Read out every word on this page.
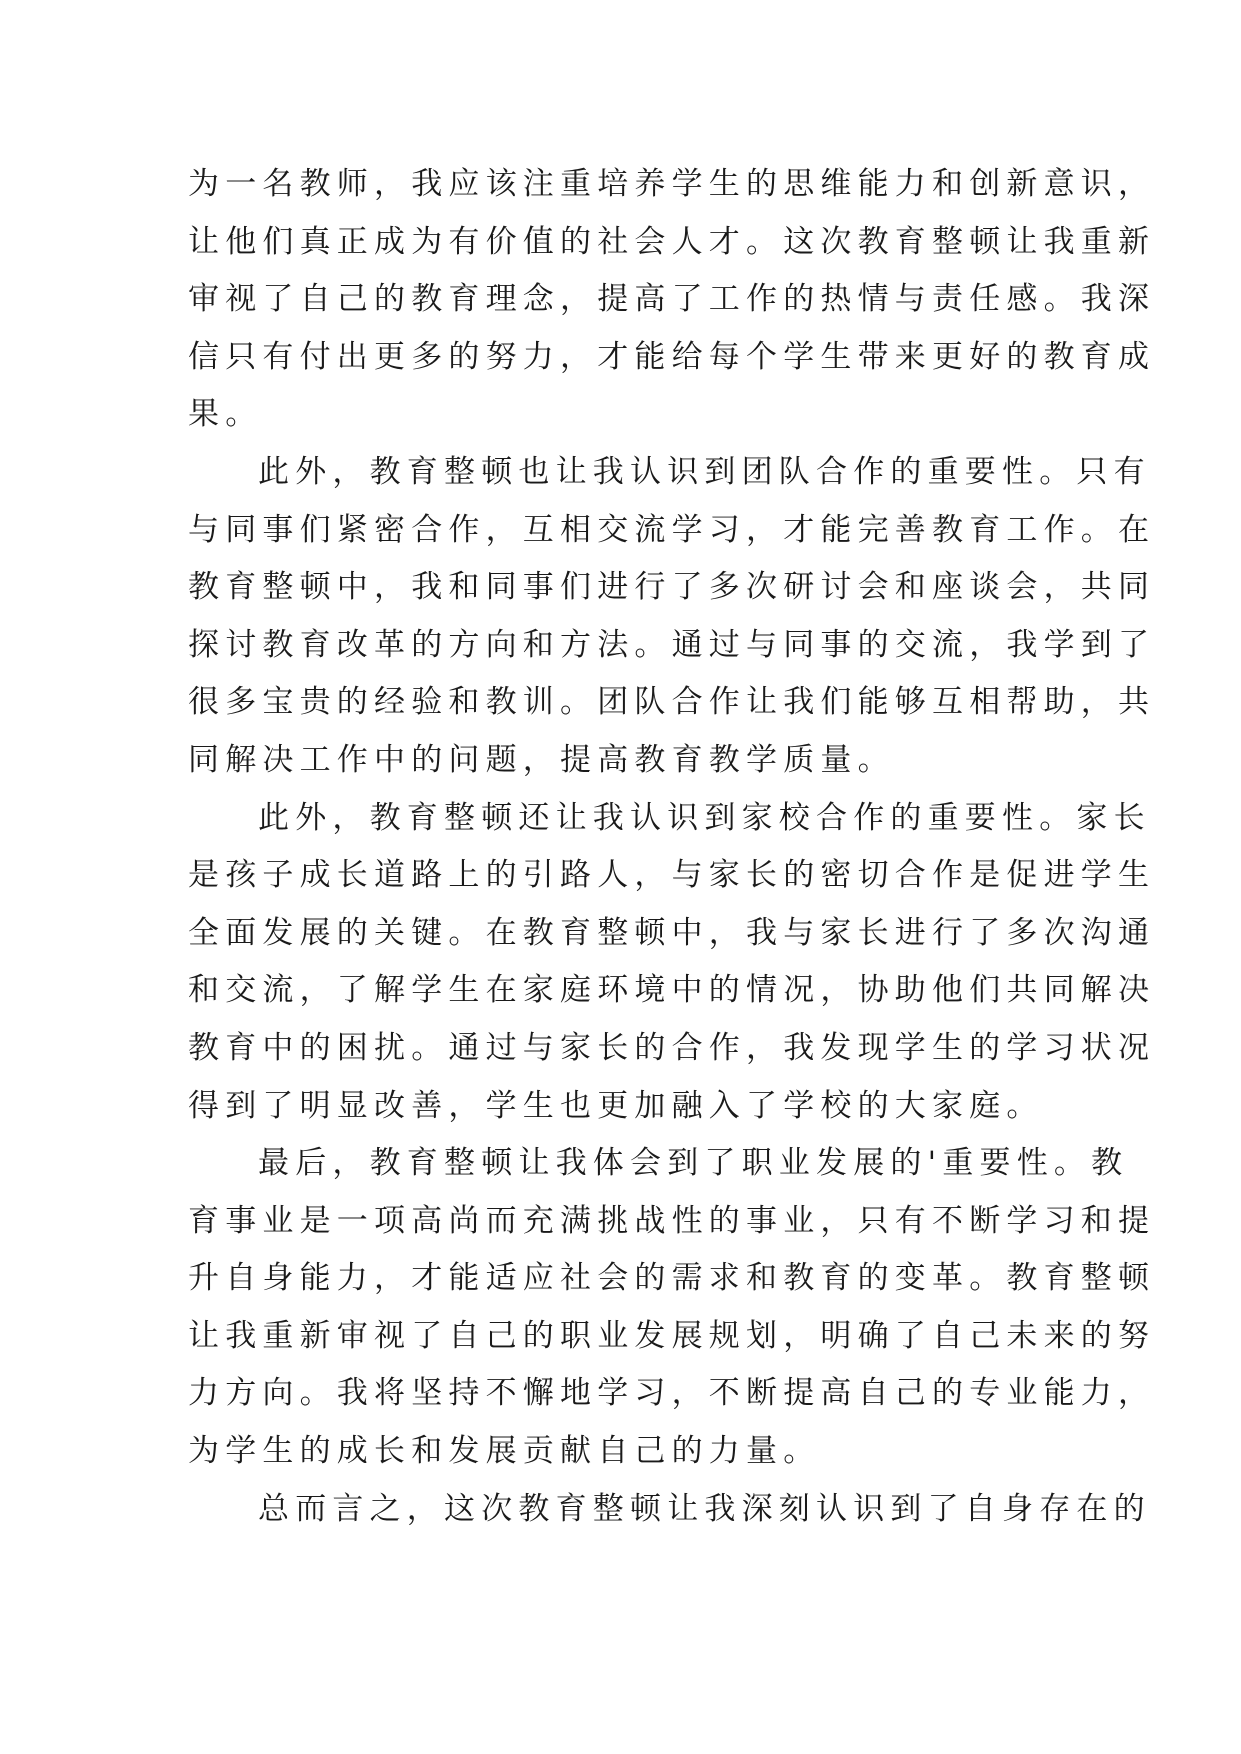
为一名教师，我应该注重培养学生的思维能力和创新意识，
让他们真正成为有价值的社会人才。这次教育整顿让我重新
审视了自己的教育理念，提高了工作的热情与责任感。我深
信只有付出更多的努力，才能给每个学生带来更好的教育成
果。
此外，教育整顿也让我认识到团队合作的重要性。只有
与同事们紧密合作，互相交流学习，才能完善教育工作。在
教育整顿中，我和同事们进行了多次研讨会和座谈会，共同
探讨教育改革的方向和方法。通过与同事的交流，我学到了
很多宝贵的经验和教训。团队合作让我们能够互相帮助，共
同解决工作中的问题，提高教育教学质量。
此外，教育整顿还让我认识到家校合作的重要性。家长
是孩子成长道路上的引路人，与家长的密切合作是促进学生
全面发展的关键。在教育整顿中，我与家长进行了多次沟通
和交流，了解学生在家庭环境中的情况，协助他们共同解决
教育中的困扰。通过与家长的合作，我发现学生的学习状况
得到了明显改善，学生也更加融入了学校的大家庭。
最后，教育整顿让我体会到了职业发展的'重要性。教
育事业是一项高尚而充满挑战性的事业，只有不断学习和提
升自身能力，才能适应社会的需求和教育的变革。教育整顿
让我重新审视了自己的职业发展规划，明确了自己未来的努
力方向。我将坚持不懈地学习，不断提高自己的专业能力，
为学生的成长和发展贡献自己的力量。
总而言之，这次教育整顿让我深刻认识到了自身存在的
